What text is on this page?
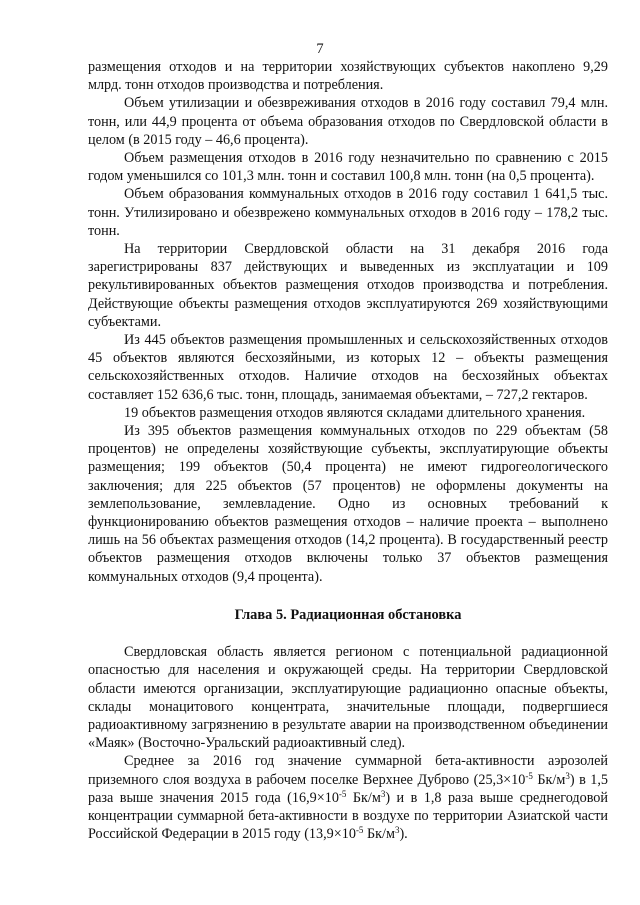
7

размещения отходов и на территории хозяйствующих субъектов накоплено 9,29 млрд. тонн отходов производства и потребления.

Объем утилизации и обезвреживания отходов в 2016 году составил 79,4 млн. тонн, или 44,9 процента от объема образования отходов по Свердловской области в целом (в 2015 году – 46,6 процента).

Объем размещения отходов в 2016 году незначительно по сравнению с 2015 годом уменьшился со 101,3 млн. тонн и составил 100,8 млн. тонн (на 0,5 процента).

Объем образования коммунальных отходов в 2016 году составил 1 641,5 тыс. тонн. Утилизировано и обезврежено коммунальных отходов в 2016 году – 178,2 тыс. тонн.

На территории Свердловской области на 31 декабря 2016 года зарегистрированы 837 действующих и выведенных из эксплуатации и 109 рекультивированных объектов размещения отходов производства и потребления. Действующие объекты размещения отходов эксплуатируются 269 хозяйствующими субъектами.

Из 445 объектов размещения промышленных и сельскохозяйственных отходов 45 объектов являются бесхозяйными, из которых 12 – объекты размещения сельскохозяйственных отходов. Наличие отходов на бесхозяйных объектах составляет 152 636,6 тыс. тонн, площадь, занимаемая объектами, – 727,2 гектаров.

19 объектов размещения отходов являются складами длительного хранения.

Из 395 объектов размещения коммунальных отходов по 229 объектам (58 процентов) не определены хозяйствующие субъекты, эксплуатирующие объекты размещения; 199 объектов (50,4 процента) не имеют гидрогеологического заключения; для 225 объектов (57 процентов) не оформлены документы на землепользование, землевладение. Одно из основных требований к функционированию объектов размещения отходов – наличие проекта – выполнено лишь на 56 объектах размещения отходов (14,2 процента). В государственный реестр объектов размещения отходов включены только 37 объектов размещения коммунальных отходов (9,4 процента).

Глава 5. Радиационная обстановка

Свердловская область является регионом с потенциальной радиационной опасностью для населения и окружающей среды. На территории Свердловской области имеются организации, эксплуатирующие радиационно опасные объекты, склады монацитового концентрата, значительные площади, подвергшиеся радиоактивному загрязнению в результате аварии на производственном объединении «Маяк» (Восточно-Уральский радиоактивный след).

Среднее за 2016 год значение суммарной бета-активности аэрозолей приземного слоя воздуха в рабочем поселке Верхнее Дуброво ($25,3\times 10^{-5}$ $Бк/м^3$) в 1,5 раза выше значения 2015 года ($16,9\times 10^{-5}$ $Бк/м^3$) и в 1,8 раза выше среднегодовой концентрации суммарной бета-активности в воздухе по территории Азиатской части Российской Федерации в 2015 году ($13,9\times 10^{-5}$ $Бк/м^3$).
